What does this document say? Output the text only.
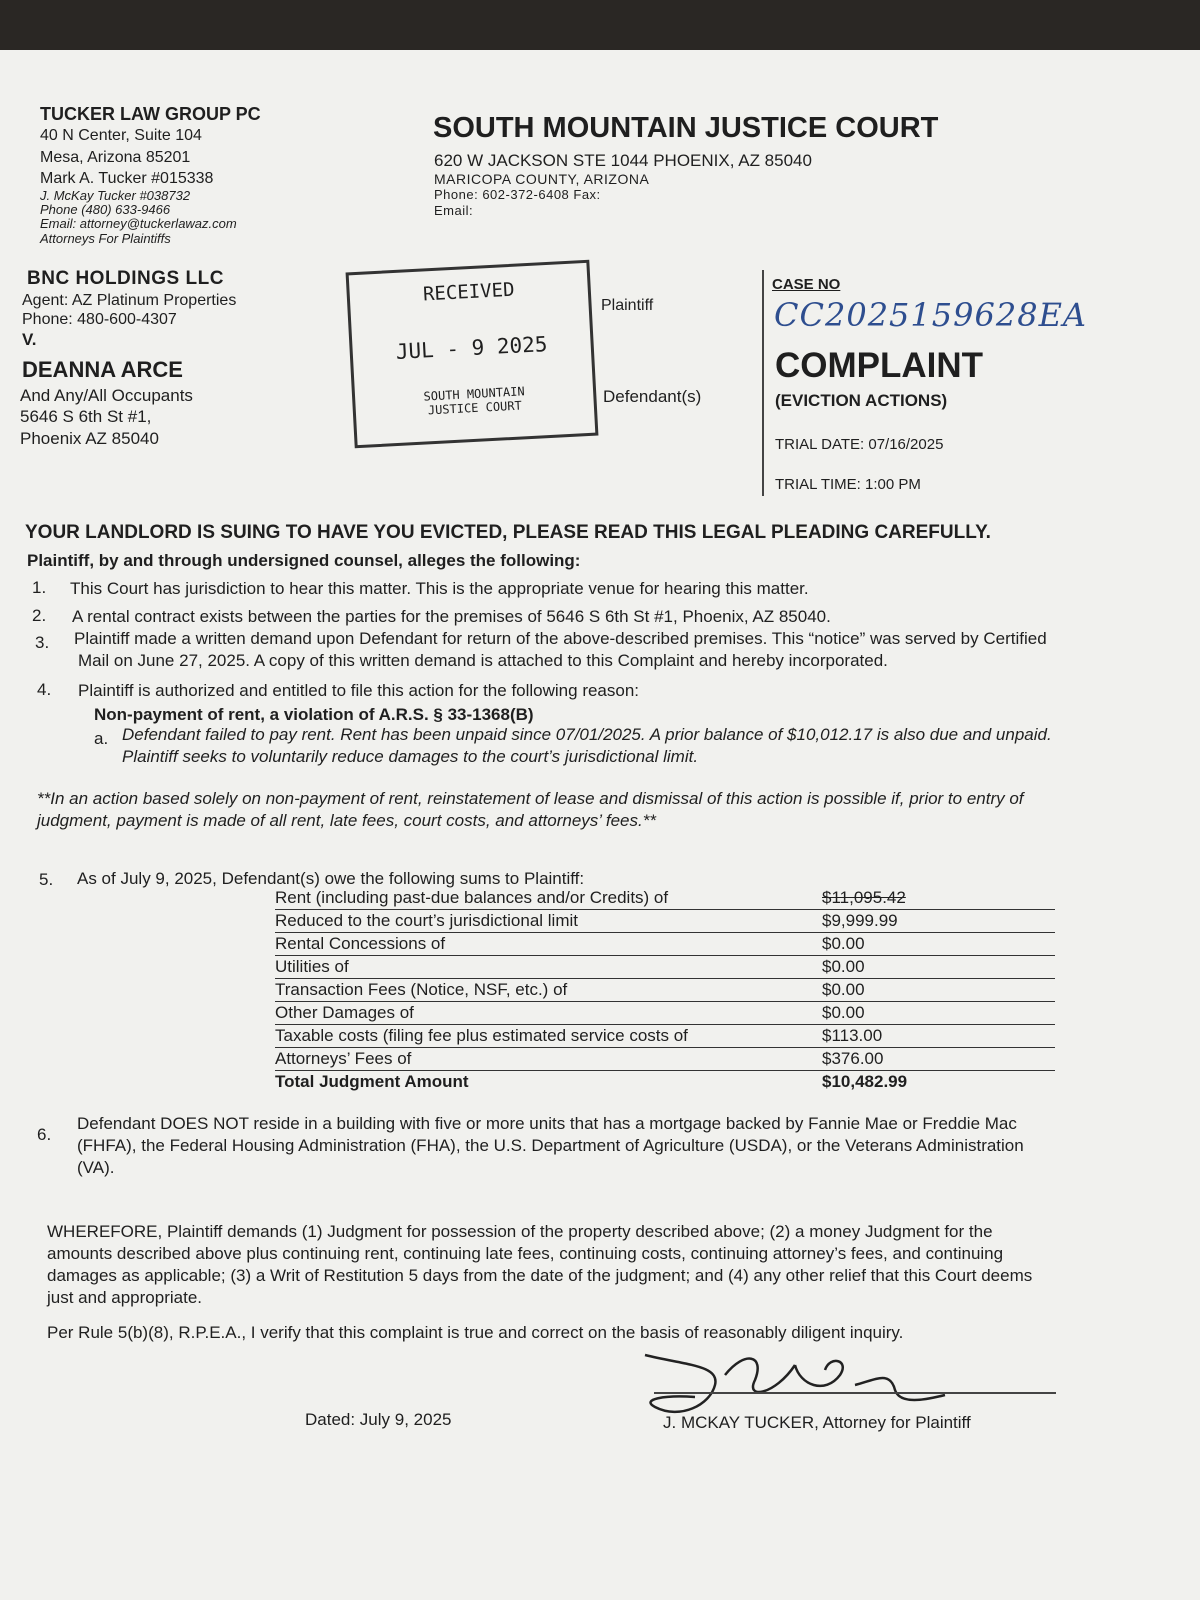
TUCKER LAW GROUP PC
40 N Center, Suite 104
Mesa, Arizona 85201
Mark A. Tucker #015338
J. McKay Tucker #038732
Phone (480) 633-9466
Email: attorney@tuckerlawaz.com
Attorneys For Plaintiffs
SOUTH MOUNTAIN JUSTICE COURT
620 W JACKSON STE 1044 PHOENIX, AZ 85040
MARICOPA COUNTY, ARIZONA
Phone: 602-372-6408 Fax:
Email:
BNC HOLDINGS LLC
Agent: AZ Platinum Properties
Phone: 480-600-4307
V.
DEANNA ARCE
And Any/All Occupants
5646 S 6th St #1,
Phoenix AZ 85040
RECEIVED
JUL - 9 2025
SOUTH MOUNTAIN
JUSTICE COURT
Plaintiff
Defendant(s)
CASE NO
CC2025159628EA
COMPLAINT
(EVICTION ACTIONS)
TRIAL DATE: 07/16/2025
TRIAL TIME: 1:00 PM
YOUR LANDLORD IS SUING TO HAVE YOU EVICTED, PLEASE READ THIS LEGAL PLEADING CAREFULLY.
Plaintiff, by and through undersigned counsel, alleges the following:
1. This Court has jurisdiction to hear this matter. This is the appropriate venue for hearing this matter.
2. A rental contract exists between the parties for the premises of 5646 S 6th St #1, Phoenix, AZ 85040.
3. Plaintiff made a written demand upon Defendant for return of the above-described premises. This “notice” was served by Certified
Mail on June 27, 2025. A copy of this written demand is attached to this Complaint and hereby incorporated.
4. Plaintiff is authorized and entitled to file this action for the following reason:
Non-payment of rent, a violation of A.R.S. § 33-1368(B)
a. Defendant failed to pay rent. Rent has been unpaid since 07/01/2025. A prior balance of $10,012.17 is also due and unpaid.
Plaintiff seeks to voluntarily reduce damages to the court’s jurisdictional limit.
**In an action based solely on non-payment of rent, reinstatement of lease and dismissal of this action is possible if, prior to entry of
judgment, payment is made of all rent, late fees, court costs, and attorneys’ fees.**
5. As of July 9, 2025, Defendant(s) owe the following sums to Plaintiff:
Rent (including past-due balances and/or Credits) of	$11,095.42
Reduced to the court’s jurisdictional limit	$9,999.99
Rental Concessions of	$0.00
Utilities of	$0.00
Transaction Fees (Notice, NSF, etc.) of	$0.00
Other Damages of	$0.00
Taxable costs (filing fee plus estimated service costs of	$113.00
Attorneys’ Fees of	$376.00
Total Judgment Amount	$10,482.99
6.
Defendant DOES NOT reside in a building with five or more units that has a mortgage backed by Fannie Mae or Freddie Mac
(FHFA), the Federal Housing Administration (FHA), the U.S. Department of Agriculture (USDA), or the Veterans Administration
(VA).
WHEREFORE, Plaintiff demands (1) Judgment for possession of the property described above; (2) a money Judgment for the
amounts described above plus continuing rent, continuing late fees, continuing costs, continuing attorney’s fees, and continuing
damages as applicable; (3) a Writ of Restitution 5 days from the date of the judgment; and (4) any other relief that this Court deems
just and appropriate.
Per Rule 5(b)(8), R.P.E.A., I verify that this complaint is true and correct on the basis of reasonably diligent inquiry.
Dated: July 9, 2025	J. MCKAY TUCKER, Attorney for Plaintiff
